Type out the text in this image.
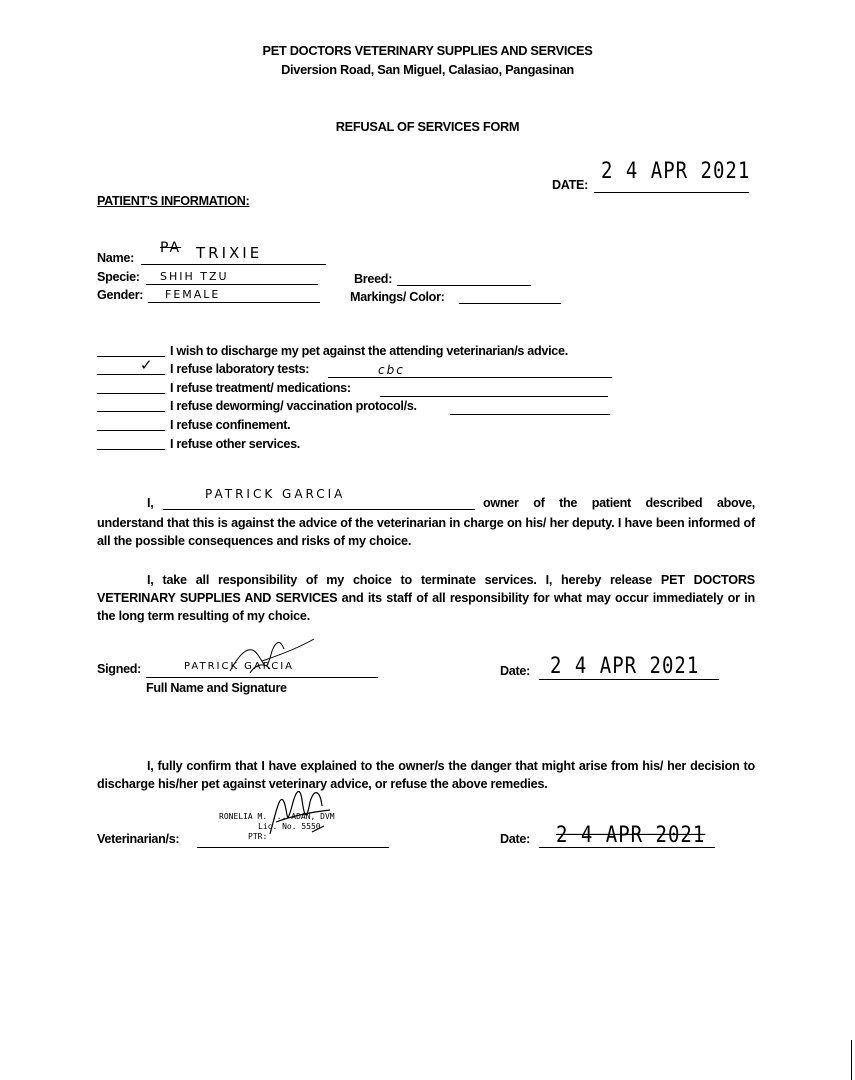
PET DOCTORS VETERINARY SUPPLIES AND SERVICES
Diversion Road, San Miguel, Calasiao, Pangasinan
REFUSAL OF SERVICES FORM
DATE:
2 4 APR 2021
PATIENT'S INFORMATION:
Name:
PA TRIXIE
Specie: SHIH TZU	Breed:
Gender: FEMALE	Markings/ Color:
I wish to discharge my pet against the attending veterinarian/s advice.
✓ I refuse laboratory tests:	cbc
I refuse treatment/ medications:
I refuse deworming/ vaccination protocol/s.
I refuse confinement.
I refuse other services.
I,
PATRICK GARCIA
owner of the patient described above,
understand that this is against the advice of the veterinarian in charge on his/ her deputy. I have been informed of all the possible consequences and risks of my choice.
I, take all responsibility of my choice to terminate services. I, hereby release PET DOCTORS VETERINARY SUPPLIES AND SERVICES and its staff of all responsibility for what may occur immediately or in the long term resulting of my choice.
Signed:	PATRICK GARCIA
Full Name and Signature
Date: 2 4 APR 2021
I, fully confirm that I have explained to the owner/s the danger that might arise from his/ her decision to discharge his/her pet against veterinary advice, or refuse the above remedies.
Veterinarian/s:
RONELIA M. ... ADAN, DVM
Lic. No. 5550
PTR:	Date: 2 4 APR 2021
